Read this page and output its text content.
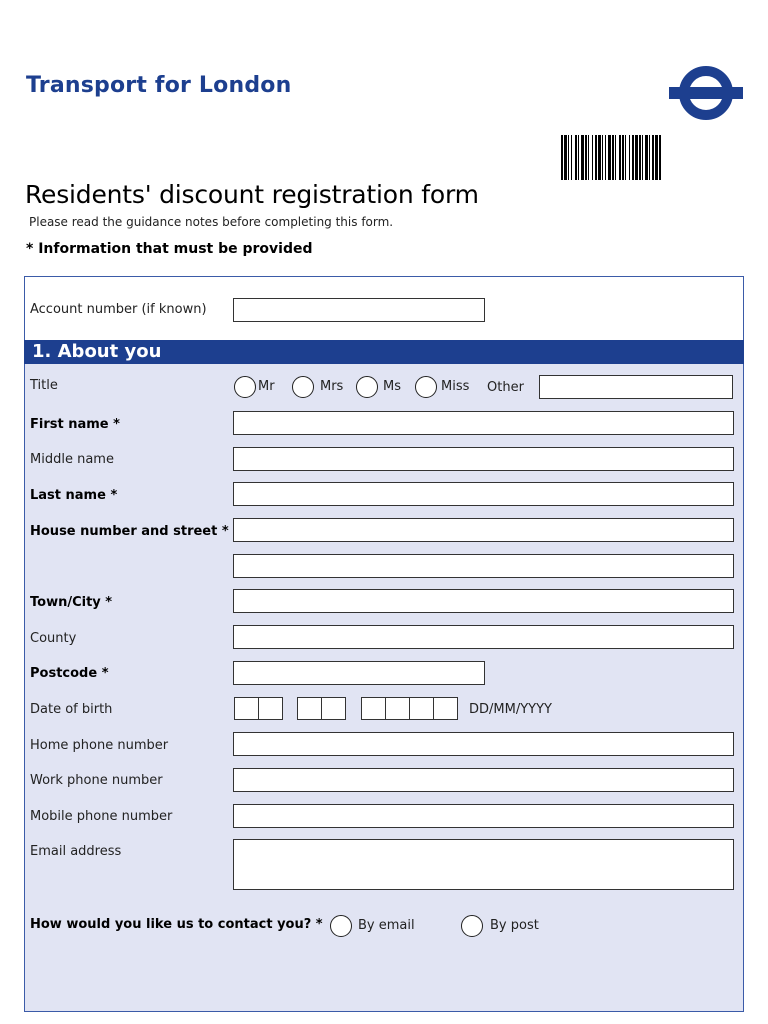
Transport for London
Residents' discount registration form
Please read the guidance notes before completing this form.
* Information that must be provided
Account number (if known)
1. About you
Title	Mr	Mrs	Ms	Miss Other
First name *
Middle name
Last name *
House number and street *
Town/City *
County
Postcode *
Date of birth	DD/MM/YYYY
Home phone number
Work phone number
Mobile phone number
Email address
How would you like us to contact you? *	By email	By post
